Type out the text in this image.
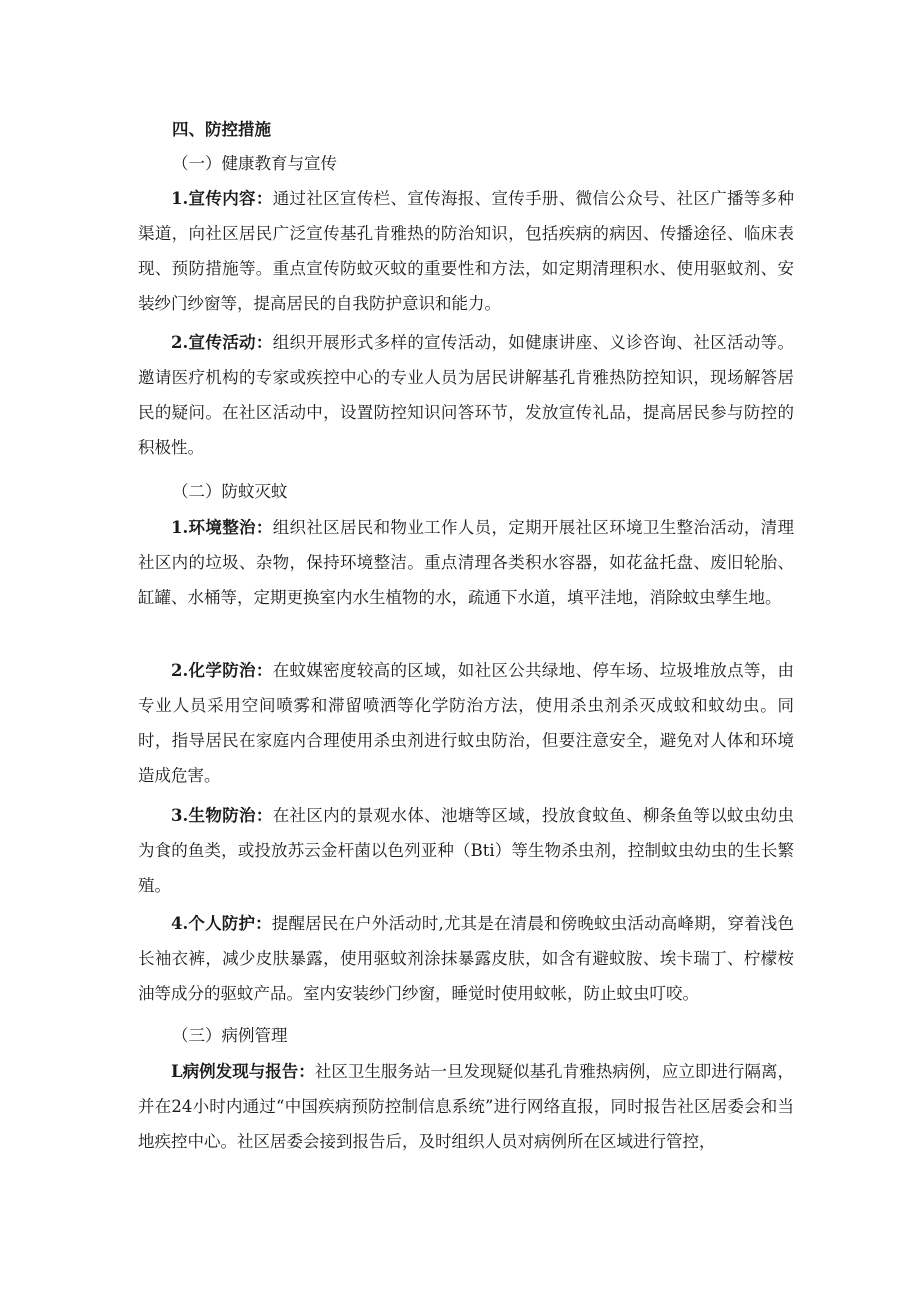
四、防控措施
（一）健康教育与宣传
1.宣传内容：通过社区宣传栏、宣传海报、宣传手册、微信公众号、社区广播等多种渠道，向社区居民广泛宣传基孔肯雅热的防治知识，包括疾病的病因、传播途径、临床表现、预防措施等。重点宣传防蚊灭蚊的重要性和方法，如定期清理积水、使用驱蚊剂、安装纱门纱窗等，提高居民的自我防护意识和能力。
2.宣传活动：组织开展形式多样的宣传活动，如健康讲座、义诊咨询、社区活动等。邀请医疗机构的专家或疾控中心的专业人员为居民讲解基孔肯雅热防控知识，现场解答居民的疑问。在社区活动中，设置防控知识问答环节，发放宣传礼品，提高居民参与防控的积极性。
（二）防蚊灭蚊
1.环境整治：组织社区居民和物业工作人员，定期开展社区环境卫生整治活动，清理社区内的垃圾、杂物，保持环境整洁。重点清理各类积水容器，如花盆托盘、废旧轮胎、缸罐、水桶等，定期更换室内水生植物的水，疏通下水道，填平洼地，消除蚊虫孳生地。
2.化学防治：在蚊媒密度较高的区域，如社区公共绿地、停车场、垃圾堆放点等，由专业人员采用空间喷雾和滞留喷洒等化学防治方法，使用杀虫剂杀灭成蚊和蚊幼虫。同时，指导居民在家庭内合理使用杀虫剂进行蚊虫防治，但要注意安全，避免对人体和环境造成危害。
3.生物防治：在社区内的景观水体、池塘等区域，投放食蚊鱼、柳条鱼等以蚊虫幼虫为食的鱼类，或投放苏云金杆菌以色列亚种（Bti）等生物杀虫剂，控制蚊虫幼虫的生长繁殖。
4.个人防护：提醒居民在户外活动时,尤其是在清晨和傍晚蚊虫活动高峰期，穿着浅色长袖衣裤，减少皮肤暴露，使用驱蚊剂涂抹暴露皮肤，如含有避蚊胺、埃卡瑞丁、柠檬桉油等成分的驱蚊产品。室内安装纱门纱窗，睡觉时使用蚊帐，防止蚊虫叮咬。
（三）病例管理
L病例发现与报告：社区卫生服务站一旦发现疑似基孔肯雅热病例，应立即进行隔离，并在24小时内通过“中国疾病预防控制信息系统”进行网络直报，同时报告社区居委会和当地疾控中心。社区居委会接到报告后，及时组织人员对病例所在区域进行管控，
